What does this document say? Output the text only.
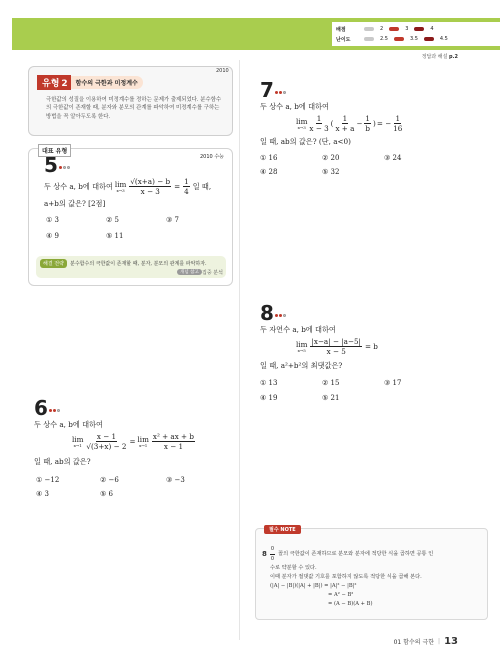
배점	2	3	4
난이도	2.5	3.5	4.5
정답과 해설 p.2
2010
유형 2	함수의 극한과 미정계수
극한값의 성질을 이용하여 미정계수를 정하는 문제가 출제되었다. 분수함수의 극한값이 존재할 때, 분자와 분모의 관계를 파악하여 미정계수를 구하는 방법을 꼭 알아두도록 한다.
대표 유형
5	2010 수능
두 상수 a, b에 대하여 lim
$x\to 3 \frac{√(x+a) - b}{x - 3} = \frac{1}{4}$ 일 때,
a+b의 값은? [2점]
① 3	② 5	③ 7
④ 9	⑤ 11
해결 전략	분수함수의 극한값이 존재할 때, 분자, 분모의 관계를 파악하자.
개념 참고 집중 분석
7
두 상수 a, b에 대하여
lim
$x\to 3 \frac{1}{x - 3}$ ( $\frac{1}{x + a} - \frac{1}{b}$ ) = − $\frac{1}{16}$
일 때, ab의 값은? (단, a<0)
① 16	② 20	③ 24
④ 28	⑤ 32
8
두 자연수 a, b에 대하여
lim
$x\to 5 \frac{|x-a| - |a-5|}{x - 5} = b$
일 때, a²+b²의 최댓값은?
① 13	② 15	③ 17
④ 19	⑤ 21
6
두 상수 a, b에 대하여
lim
$x\to 1 \frac{x - 1}{√(3+x) - 2} = \lim$
$x\to 1 \frac{\text{x² + ax + b}}{x - 1}$
일 때, ab의 값은?
① −12	② −6	③ −3
④ 3	⑤ 6
필수 NOTE
$8 \frac{0}{0}$ 꼴의 극한값이 존재하므로 분모와 분자에 적당한 식을 곱하면 공통 인
수로 약분할 수 있다.
이때 분자가 절댓값 기호를 포함하지 않도록 적당한 식을 곱해 본다.
(|A| − |B|)(|A| + |B|) = |A|² − |B|²
= A² − B²
= (A − B)(A + B)
01 함수의 극한 | 13
